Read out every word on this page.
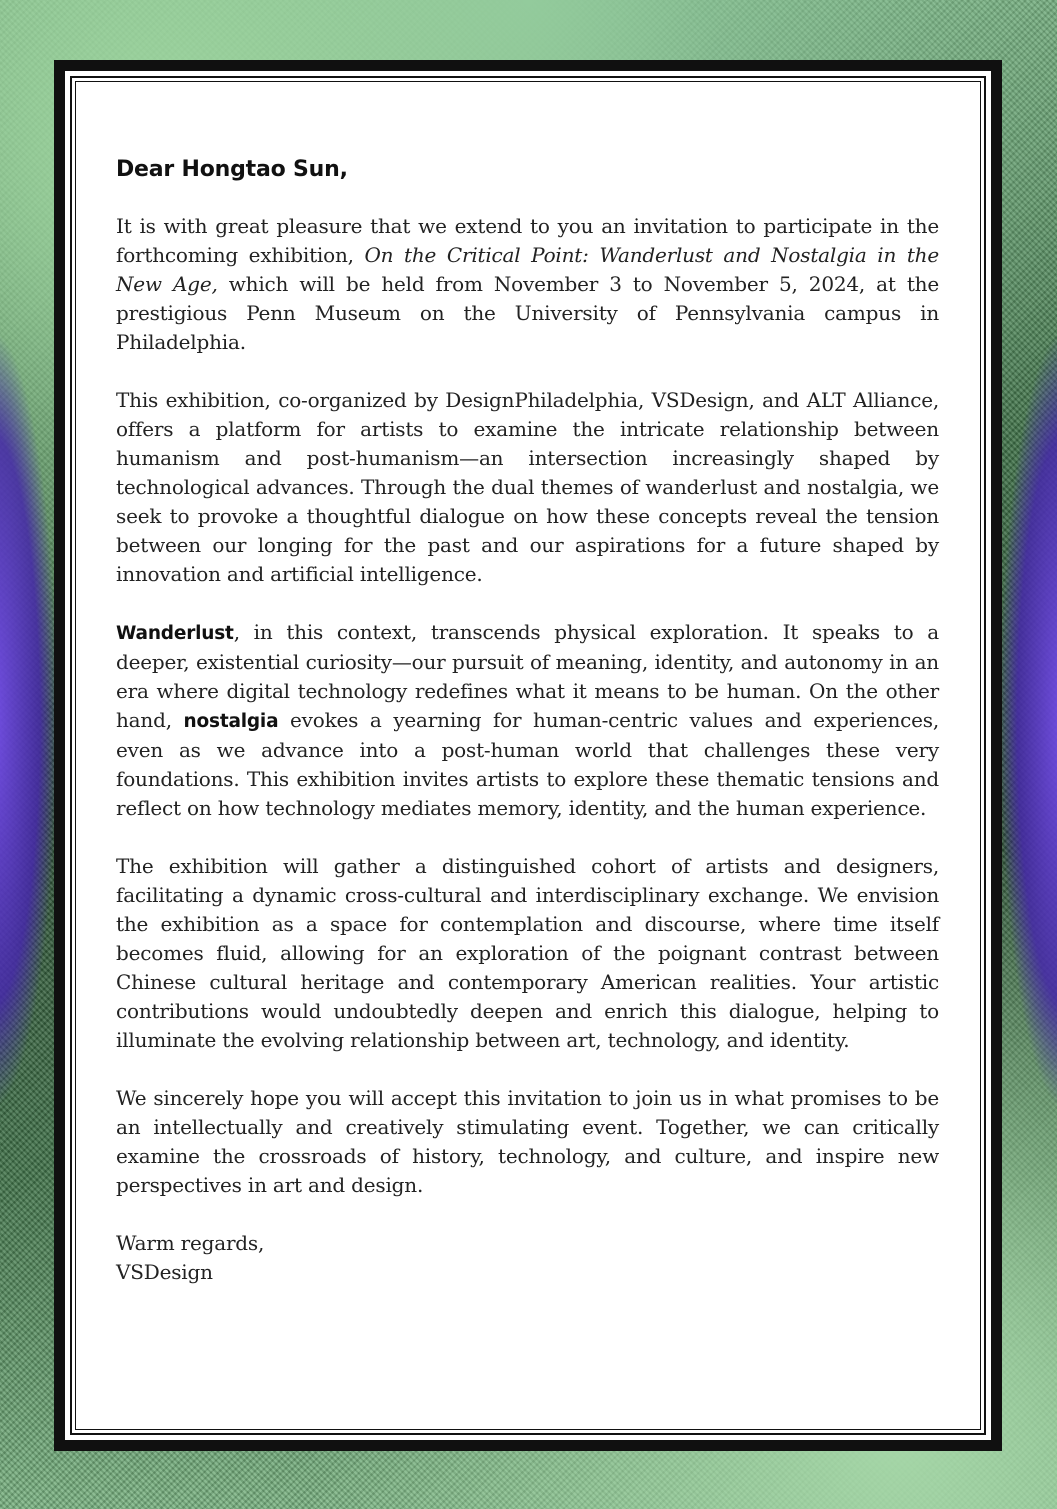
Dear Hongtao Sun,

It is with great pleasure that we extend to you an invitation to participate in the forthcoming exhibition, On the Critical Point: Wanderlust and Nostalgia in the New Age, which will be held from November 3 to November 5, 2024, at the prestigious Penn Museum on the University of Pennsylvania campus in Philadelphia.

This exhibition, co-organized by DesignPhiladelphia, VSDesign, and ALT Alliance, offers a platform for artists to examine the intricate relationship between humanism and post-humanism—an intersection increasingly shaped by technological advances. Through the dual themes of wanderlust and nostalgia, we seek to provoke a thoughtful dialogue on how these concepts reveal the tension between our longing for the past and our aspirations for a future shaped by innovation and artificial intelligence.

Wanderlust, in this context, transcends physical exploration. It speaks to a deeper, existential curiosity—our pursuit of meaning, identity, and autonomy in an era where digital technology redefines what it means to be human. On the other hand, nostalgia evokes a yearning for human-centric values and experiences, even as we advance into a post-human world that challenges these very foundations. This exhibition invites artists to explore these thematic tensions and reflect on how technology mediates memory, identity, and the human experience.

The exhibition will gather a distinguished cohort of artists and designers, facilitating a dynamic cross-cultural and interdisciplinary exchange. We envision the exhibition as a space for contemplation and discourse, where time itself becomes fluid, allowing for an exploration of the poignant contrast between Chinese cultural heritage and contemporary American realities. Your artistic contributions would undoubtedly deepen and enrich this dialogue, helping to illuminate the evolving relationship between art, technology, and identity.

We sincerely hope you will accept this invitation to join us in what promises to be an intellectually and creatively stimulating event. Together, we can critically examine the crossroads of history, technology, and culture, and inspire new perspectives in art and design.

Warm regards,

VSDesign
